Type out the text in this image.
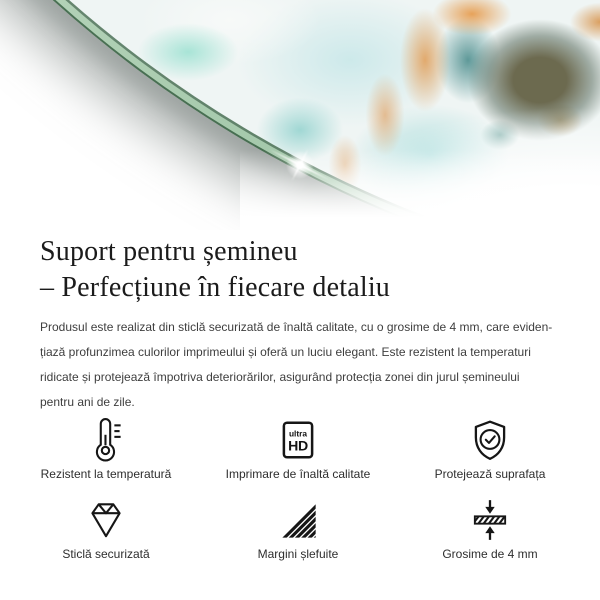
Suport pentru șemineu
– Perfecțiune în fiecare detaliu
Produsul este realizat din sticlă securizată de înaltă calitate, cu o grosime de 4 mm, care eviden-
țiază profunzimea culorilor imprimeului și oferă un luciu elegant. Este rezistent la temperaturi
ridicate și protejează împotriva deteriorărilor, asigurând protecția zonei din jurul șemineului
pentru ani de zile.
Rezistent la temperatură
ultra
HD
Imprimare de înaltă calitate	Protejează suprafața
Sticlă securizată	Margini șlefuite	Grosime de 4 mm
